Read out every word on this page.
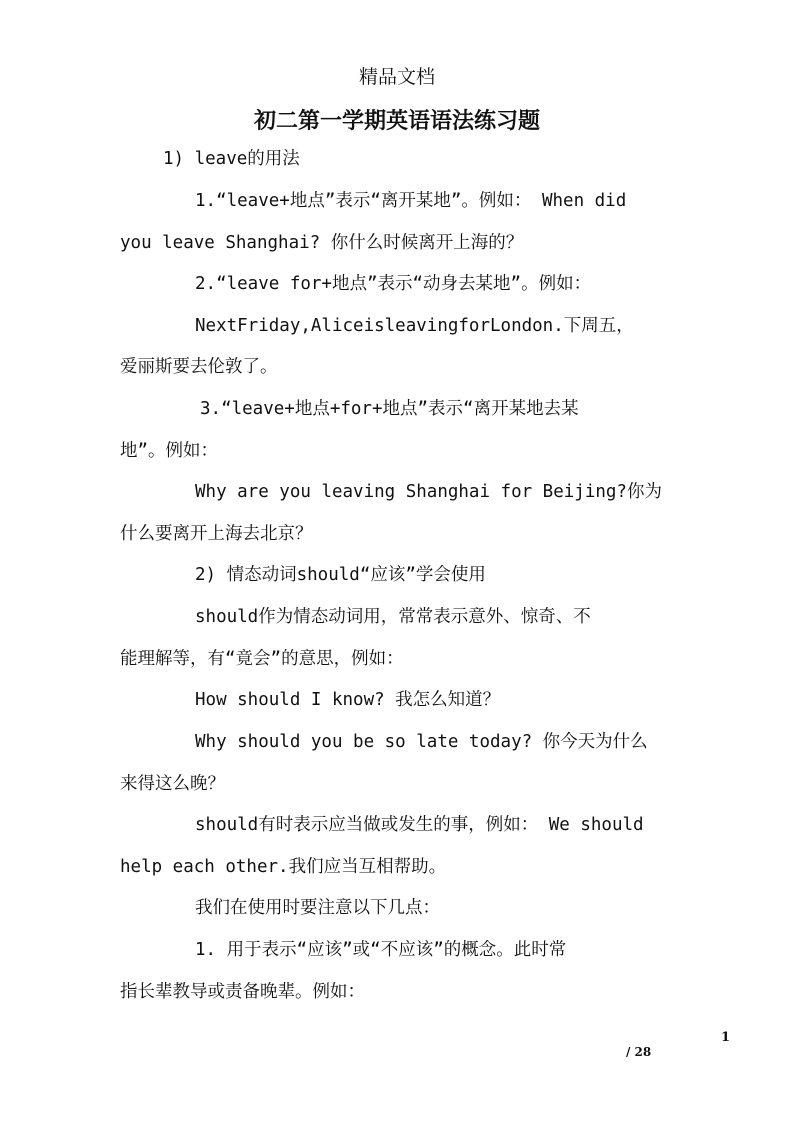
精品文档
初二第一学期英语语法练习题
1) leave的用法
1.“leave+地点”表示“离开某地”。例如： When did
you leave Shanghai? 你什么时候离开上海的？
2.“leave for+地点”表示“动身去某地”。例如：
NextFriday,AliceisleavingforLondon.下周五，
爱丽斯要去伦敦了。
3.“leave+地点+for+地点”表示“离开某地去某
地”。例如：
Why are you leaving Shanghai for Beijing?你为
什么要离开上海去北京？
2) 情态动词should“应该”学会使用
should作为情态动词用，常常表示意外、惊奇、不
能理解等，有“竟会”的意思，例如：
How should I know? 我怎么知道？
Why should you be so late today? 你今天为什么
来得这么晚？
should有时表示应当做或发生的事，例如： We should
help each other.我们应当互相帮助。
我们在使用时要注意以下几点：
1. 用于表示“应该”或“不应该”的概念。此时常
指长辈教导或责备晚辈。例如：
1
/ 28
